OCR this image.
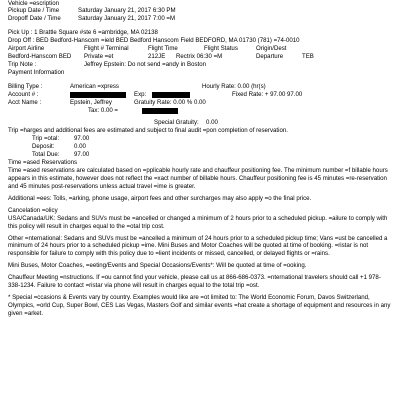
Vehicle =escription
Pickup Date / Time	Saturday January 21, 2017 6:30 PM
Dropoff Date / Time	Saturday January 21, 2017 7:00 =M
Pick Up : 1 Brattle Square #ste 6 =ambridge, MA 02138
Drop Off : BED Bedford-Hanscom =ield BED Bedford Hanscom Field BEDFORD, MA 01730 (781) =74-0010
Airport Airline	Flight # Terminal	Flight Time	Flight Status	Origin/Dest
Bedford-Hanscom BED	Private =et	212JE	Rectrix 06:30 =M	Departure	TEB
Trip Note :	Jeffrey Epstein: Do not send =andy in Boston
Payment Information
Billing Type :	American =xpress	Hourly Rate: 0.00 (hr(s)
Account # :	Exp:	Fixed Rate: + 97.00 97.00
Acct Name :	Epstein, Jeffrey	Gratuity Rate: 0.00 % 0.00
Tax: 0.00 =
Special Gratuity:	0.00
Trip =harges and additional fees are estimated and subject to final audit =pon completion of reservation.
Trip =otal:	97.00
Deposit:	0.00
Total Due:	97.00
Time =ased Reservations

Time =ased reservations are calculated based on =pplicable hourly rate and chauffeur positioning fee. The minimum number =f billable hours appears in this estimate, however does not reflect the =xact number of billable hours. Chauffeur positioning fee is 45 minutes =re-reservation and 45 minutes post-reservations unless actual travel =ime is greater.

Additional =ees: Tolls, =arking, phone usage, airport fees and other surcharges may also apply =o the final price.

Cancelation =olicy

USA/Canada/UK: Sedans and SUVs must be =ancelled or changed a minimum of 2 hours prior to a scheduled pickup. =ailure to comply with this policy will result in charges equal to the =otal trip cost.

Other =nternational: Sedans and SUVs must be =ancelled a minimum of 24 hours prior to a scheduled pickup time; Vans =ust be cancelled a minimum of 24 hours prior to a scheduled pickup =ime. Mini Buses and Motor Coaches will be quoted at time of booking. =ristar is not responsible for failure to comply with this policy due to =lient incidents or missed, cancelled, or delayed flights or =rains.

Mini Buses, Motor Coaches, =eeting/Events and Special Occasions/Events*: Will be quoted at time of =ooking.

Chauffeur Meeting =nstructions. If =ou cannot find your vehicle, please call us at 866-686-0373. =nternational travelers should call +1 978-338-1234. Failure to contact =ristar via phone will result in charges equal to the total trip =ost.

* Special =ccasions & Events vary by country. Examples would like are =ot limited to: The World Economic Forum, Davos Switzerland, Olympics, =orld Cup, Super Bowl, CES Las Vegas, Masters Golf and similar events =hat create a shortage of equipment and resources in any given =arket.
